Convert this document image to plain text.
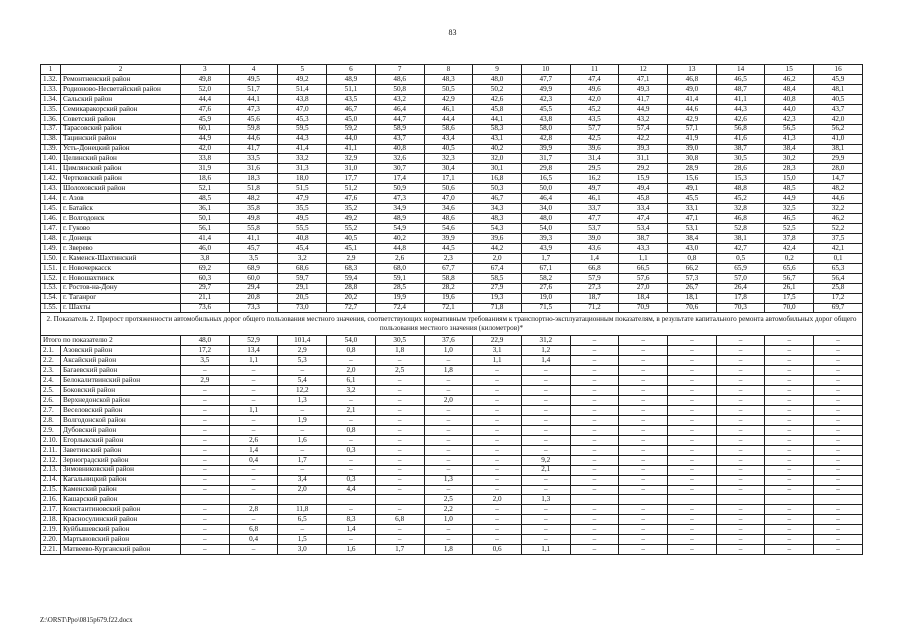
83
1	2	3	4	5	6	7	8	9	10	11	12	13	14	15	16
1.32.	Ремонтненский район	49,8	49,5	49,2	48,9	48,6	48,3	48,0	47,7	47,4	47,1	46,8	46,5	46,2	45,9
1.33.	Родионово-Несветайский район	52,0	51,7	51,4	51,1	50,8	50,5	50,2	49,9	49,6	49,3	49,0	48,7	48,4	48,1
1.34.	Сальский район	44,4	44,1	43,8	43,5	43,2	42,9	42,6	42,3	42,0	41,7	41,4	41,1	40,8	40,5
1.35.	Семикаракорский район	47,6	47,3	47,0	46,7	46,4	46,1	45,8	45,5	45,2	44,9	44,6	44,3	44,0	43,7
1.36.	Советский район	45,9	45,6	45,3	45,0	44,7	44,4	44,1	43,8	43,5	43,2	42,9	42,6	42,3	42,0
1.37.	Тарасовский район	60,1	59,8	59,5	59,2	58,9	58,6	58,3	58,0	57,7	57,4	57,1	56,8	56,5	56,2
1.38.	Тацинский район	44,9	44,6	44,3	44,0	43,7	43,4	43,1	42,8	42,5	42,2	41,9	41,6	41,3	41,0
1.39.	Усть-Донецкий район	42,0	41,7	41,4	41,1	40,8	40,5	40,2	39,9	39,6	39,3	39,0	38,7	38,4	38,1
1.40.	Целинский район	33,8	33,5	33,2	32,9	32,6	32,3	32,0	31,7	31,4	31,1	30,8	30,5	30,2	29,9
1.41.	Цимлянский район	31,9	31,6	31,3	31,0	30,7	30,4	30,1	29,8	29,5	29,2	28,9	28,6	28,3	28,0
1.42.	Чертковский район	18,6	18,3	18,0	17,7	17,4	17,1	16,8	16,5	16,2	15,9	15,6	15,3	15,0	14,7
1.43.	Шолоховский район	52,1	51,8	51,5	51,2	50,9	50,6	50,3	50,0	49,7	49,4	49,1	48,8	48,5	48,2
1.44.	г. Азов	48,5	48,2	47,9	47,6	47,3	47,0	46,7	46,4	46,1	45,8	45,5	45,2	44,9	44,6
1.45.	г. Батайск	36,1	35,8	35,5	35,2	34,9	34,6	34,3	34,0	33,7	33,4	33,1	32,8	32,5	32,2
1.46.	г. Волгодонск	50,1	49,8	49,5	49,2	48,9	48,6	48,3	48,0	47,7	47,4	47,1	46,8	46,5	46,2
1.47.	г. Гуково	56,1	55,8	55,5	55,2	54,9	54,6	54,3	54,0	53,7	53,4	53,1	52,8	52,5	52,2
1.48.	г. Донецк	41,4	41,1	40,8	40,5	40,2	39,9	39,6	39,3	39,0	38,7	38,4	38,1	37,8	37,5
1.49.	г. Зверево	46,0	45,7	45,4	45,1	44,8	44,5	44,2	43,9	43,6	43,3	43,0	42,7	42,4	42,1
1.50.	г. Каменск-Шахтинский	3,8	3,5	3,2	2,9	2,6	2,3	2,0	1,7	1,4	1,1	0,8	0,5	0,2	0,1
1.51.	г. Новочеркасск	69,2	68,9	68,6	68,3	68,0	67,7	67,4	67,1	66,8	66,5	66,2	65,9	65,6	65,3
1.52.	г. Новошахтинск	60,3	60,0	59,7	59,4	59,1	58,8	58,5	58,2	57,9	57,6	57,3	57,0	56,7	56,4
1.53.	г. Ростов-на-Дону	29,7	29,4	29,1	28,8	28,5	28,2	27,9	27,6	27,3	27,0	26,7	26,4	26,1	25,8
1.54.	г. Таганрог	21,1	20,8	20,5	20,2	19,9	19,6	19,3	19,0	18,7	18,4	18,1	17,8	17,5	17,2
1.55.	г. Шахты	73,6	73,3	73,0	72,7	72,4	72,1	71,8	71,5	71,2	70,9	70,6	70,3	70,0	69,7
2. Показатель 2. Прирост протяженности автомобильных дорог общего пользования местного значения, соответствующих нормативным требованиям к транспортно-эксплуатационным показателям, в результате капитального ремонта автомобильных дорог общего пользования местного значения (километров)*															
Итого по показателю 2		48,0	52,9	101,4	54,0	30,5	37,6	22,9	31,2	–	–	–	–	–	–
2.1.	Азовский район	17,2	13,4	2,9	0,8	1,8	1,0	3,1	1,2	–	–	–	–	–	–
2.2.	Аксайский район	3,5	1,1	5,3	–	–	–	1,1	1,4	–	–	–	–	–	–
2.3.	Багаевский район	–	–	–	2,0	2,5	1,8	–	–	–	–	–	–	–	–
2.4.	Белокалитвинский район	2,9	–	5,4	6,1	–	–	–	–	–	–	–	–	–	–
2.5.	Боковский район	–	–	12,2	3,2	–	–	–	–	–	–	–	–	–	–
2.6.	Верхнедонской район	–	–	1,3	–	–	2,0	–	–	–	–	–	–	–	–
2.7.	Веселовский район	–	1,1	–	2,1	–	–	–	–	–	–	–	–	–	–
2.8.	Волгодонской район	–	–	1,9	–	–	–	–	–	–	–	–	–	–	–
2.9.	Дубовский район	–	–	–	0,8	–	–	–	–	–	–	–	–	–	–
2.10.	Егорлыкский район	–	2,6	1,6	–	–	–	–	–	–	–	–	–	–	–
2.11.	Заветинский район	–	1,4	–	0,3	–	–	–	–	–	–	–	–	–	–
2.12.	Зерноградский район	–	0,4	1,7	–	–	–	–	9,2	–	–	–	–	–	–
2.13.	Зимовниковский район	–	–	–	–	–	–	–	2,1	–	–	–	–	–	–
2.14.	Кагальницкий район	–	–	3,4	0,3	–	1,3	–	–	–	–	–	–	–	–
2.15.	Каменский район	–	–	2,0	4,4	–	–	–	–	–	–	–	–	–	–
2.16.	Кашарский район						2,5	2,0	1,3						
2.17.	Константиновский район	–	2,8	11,8	–	–	2,2	–	–	–	–	–	–	–	–
2.18.	Красносулинский район	–	–	6,5	8,3	6,8	1,0	–	–	–	–	–	–	–	–
2.19.	Куйбышевский район	–	6,8	–	1,4	–	–	–	–	–	–	–	–	–	–
2.20.	Мартыновский район	–	0,4	1,5	–	–	–	–	–	–	–	–	–	–	–
2.21.	Матвеево-Курганский район	–	–	3,0	1,6	1,7	1,8	0,6	1,1	–	–	–	–	–	–
Z:\ORST\Ppo\0815p679.f22.docx
